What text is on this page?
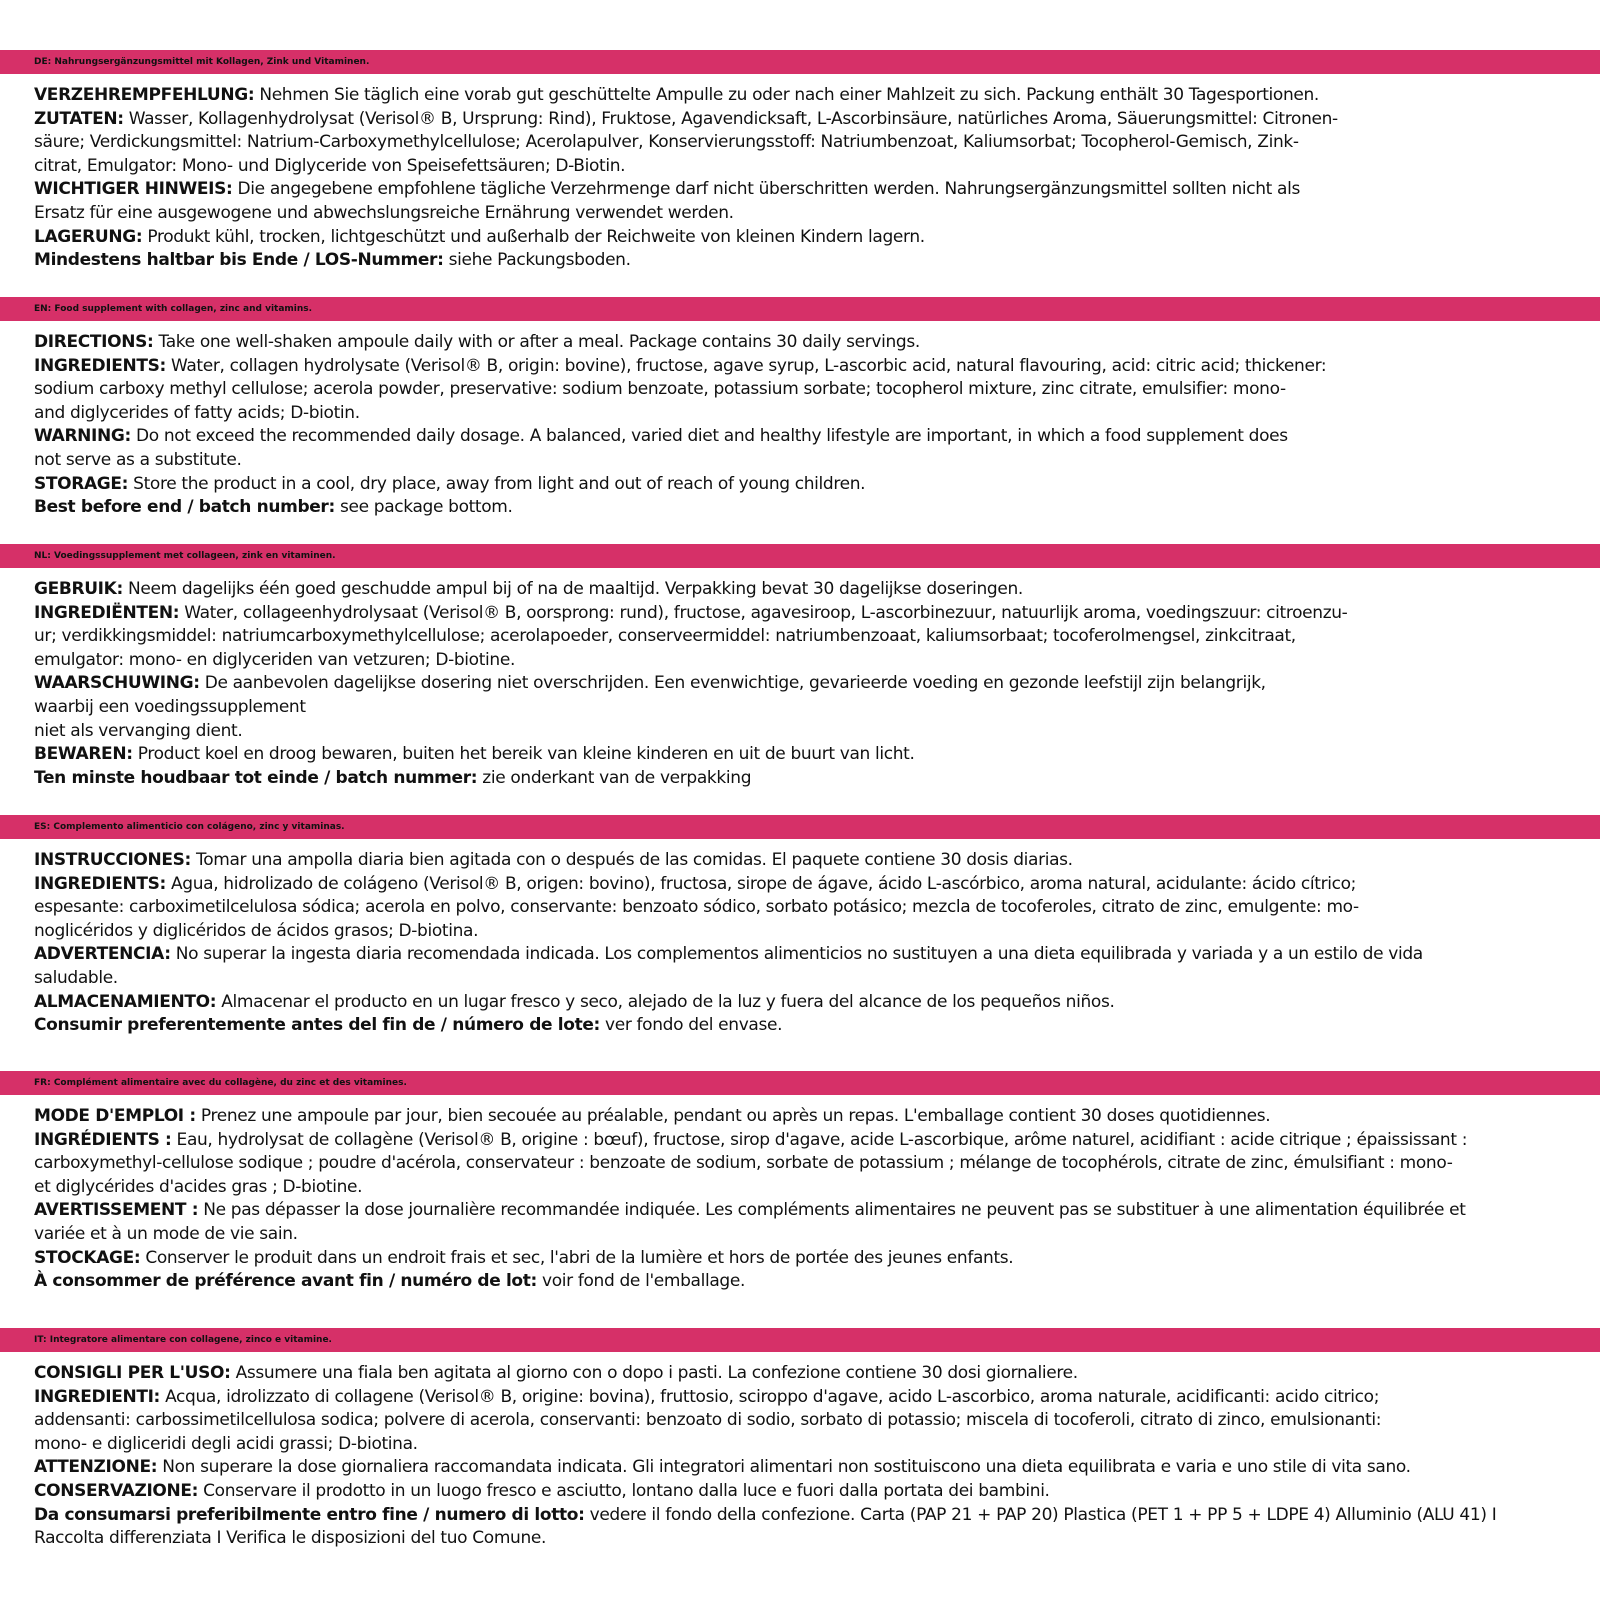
DE: Nahrungsergänzungsmittel mit Kollagen, Zink und Vitaminen.
VERZEHREMPFEHLUNG: Nehmen Sie täglich eine vorab gut geschüttelte Ampulle zu oder nach einer Mahlzeit zu sich. Packung enthält 30 Tagesportionen.
ZUTATEN: Wasser, Kollagenhydrolysat (Verisol® B, Ursprung: Rind), Fruktose, Agavendicksaft, L-Ascorbinsäure, natürliches Aroma, Säuerungsmittel: Citronen-
säure; Verdickungsmittel: Natrium-Carboxymethylcellulose; Acerolapulver, Konservierungsstoff: Natriumbenzoat, Kaliumsorbat; Tocopherol-Gemisch, Zink-
citrat, Emulgator: Mono- und Diglyceride von Speisefettsäuren; D-Biotin.
WICHTIGER HINWEIS: Die angegebene empfohlene tägliche Verzehrmenge darf nicht überschritten werden. Nahrungsergänzungsmittel sollten nicht als
Ersatz für eine ausgewogene und abwechslungsreiche Ernährung verwendet werden.
LAGERUNG: Produkt kühl, trocken, lichtgeschützt und außerhalb der Reichweite von kleinen Kindern lagern.
Mindestens haltbar bis Ende / LOS-Nummer: siehe Packungsboden.
EN: Food supplement with collagen, zinc and vitamins.
DIRECTIONS: Take one well-shaken ampoule daily with or after a meal. Package contains 30 daily servings.
INGREDIENTS: Water, collagen hydrolysate (Verisol® B, origin: bovine), fructose, agave syrup, L-ascorbic acid, natural flavouring, acid: citric acid; thickener:
sodium carboxy methyl cellulose; acerola powder, preservative: sodium benzoate, potassium sorbate; tocopherol mixture, zinc citrate, emulsifier: mono-
and diglycerides of fatty acids; D-biotin.
WARNING: Do not exceed the recommended daily dosage. A balanced, varied diet and healthy lifestyle are important, in which a food supplement does
not serve as a substitute.
STORAGE: Store the product in a cool, dry place, away from light and out of reach of young children.
Best before end / batch number: see package bottom.
NL: Voedingssupplement met collageen, zink en vitaminen.
GEBRUIK: Neem dagelijks één goed geschudde ampul bij of na de maaltijd. Verpakking bevat 30 dagelijkse doseringen.
INGREDIËNTEN: Water, collageenhydrolysaat (Verisol® B, oorsprong: rund), fructose, agavesiroop, L-ascorbinezuur, natuurlijk aroma, voedingszuur: citroenzu-
ur; verdikkingsmiddel: natriumcarboxymethylcellulose; acerolapoeder, conserveermiddel: natriumbenzoaat, kaliumsorbaat; tocoferolmengsel, zinkcitraat,
emulgator: mono- en diglyceriden van vetzuren; D-biotine.
WAARSCHUWING: De aanbevolen dagelijkse dosering niet overschrijden. Een evenwichtige, gevarieerde voeding en gezonde leefstijl zijn belangrijk,
waarbij een voedingssupplement
niet als vervanging dient.
BEWAREN: Product koel en droog bewaren, buiten het bereik van kleine kinderen en uit de buurt van licht.
Ten minste houdbaar tot einde / batch nummer: zie onderkant van de verpakking
ES: Complemento alimenticio con colágeno, zinc y vitaminas.
INSTRUCCIONES: Tomar una ampolla diaria bien agitada con o después de las comidas. El paquete contiene 30 dosis diarias.
INGREDIENTS: Agua, hidrolizado de colágeno (Verisol® B, origen: bovino), fructosa, sirope de ágave, ácido L-ascórbico, aroma natural, acidulante: ácido cítrico;
espesante: carboximetilcelulosa sódica; acerola en polvo, conservante: benzoato sódico, sorbato potásico; mezcla de tocoferoles, citrato de zinc, emulgente: mo-
noglicéridos y diglicéridos de ácidos grasos; D-biotina.
ADVERTENCIA: No superar la ingesta diaria recomendada indicada. Los complementos alimenticios no sustituyen a una dieta equilibrada y variada y a un estilo de vida
saludable.
ALMACENAMIENTO: Almacenar el producto en un lugar fresco y seco, alejado de la luz y fuera del alcance de los pequeños niños.
Consumir preferentemente antes del fin de / número de lote: ver fondo del envase.
FR: Complément alimentaire avec du collagène, du zinc et des vitamines.
MODE D'EMPLOI : Prenez une ampoule par jour, bien secouée au préalable, pendant ou après un repas. L'emballage contient 30 doses quotidiennes.
INGRÉDIENTS : Eau, hydrolysat de collagène (Verisol® B, origine : bœuf), fructose, sirop d'agave, acide L-ascorbique, arôme naturel, acidifiant : acide citrique ; épaississant :
carboxymethyl-cellulose sodique ; poudre d'acérola, conservateur : benzoate de sodium, sorbate de potassium ; mélange de tocophérols, citrate de zinc, émulsifiant : mono-
et diglycérides d'acides gras ; D-biotine.
AVERTISSEMENT : Ne pas dépasser la dose journalière recommandée indiquée. Les compléments alimentaires ne peuvent pas se substituer à une alimentation équilibrée et
variée et à un mode de vie sain.
STOCKAGE: Conserver le produit dans un endroit frais et sec, l'abri de la lumière et hors de portée des jeunes enfants.
À consommer de préférence avant fin / numéro de lot: voir fond de l'emballage.
IT: Integratore alimentare con collagene, zinco e vitamine.
CONSIGLI PER L'USO: Assumere una fiala ben agitata al giorno con o dopo i pasti. La confezione contiene 30 dosi giornaliere.
INGREDIENTI: Acqua, idrolizzato di collagene (Verisol® B, origine: bovina), fruttosio, sciroppo d'agave, acido L-ascorbico, aroma naturale, acidificanti: acido citrico;
addensanti: carbossimetilcellulosa sodica; polvere di acerola, conservanti: benzoato di sodio, sorbato di potassio; miscela di tocoferoli, citrato di zinco, emulsionanti:
mono- e digliceridi degli acidi grassi; D-biotina.
ATTENZIONE: Non superare la dose giornaliera raccomandata indicata. Gli integratori alimentari non sostituiscono una dieta equilibrata e varia e uno stile di vita sano.
CONSERVAZIONE: Conservare il prodotto in un luogo fresco e asciutto, lontano dalla luce e fuori dalla portata dei bambini.
Da consumarsi preferibilmente entro fine / numero di lotto: vedere il fondo della confezione. Carta (PAP 21 + PAP 20) Plastica (PET 1 + PP 5 + LDPE 4) Alluminio (ALU 41) I
Raccolta differenziata I Verifica le disposizioni del tuo Comune.
